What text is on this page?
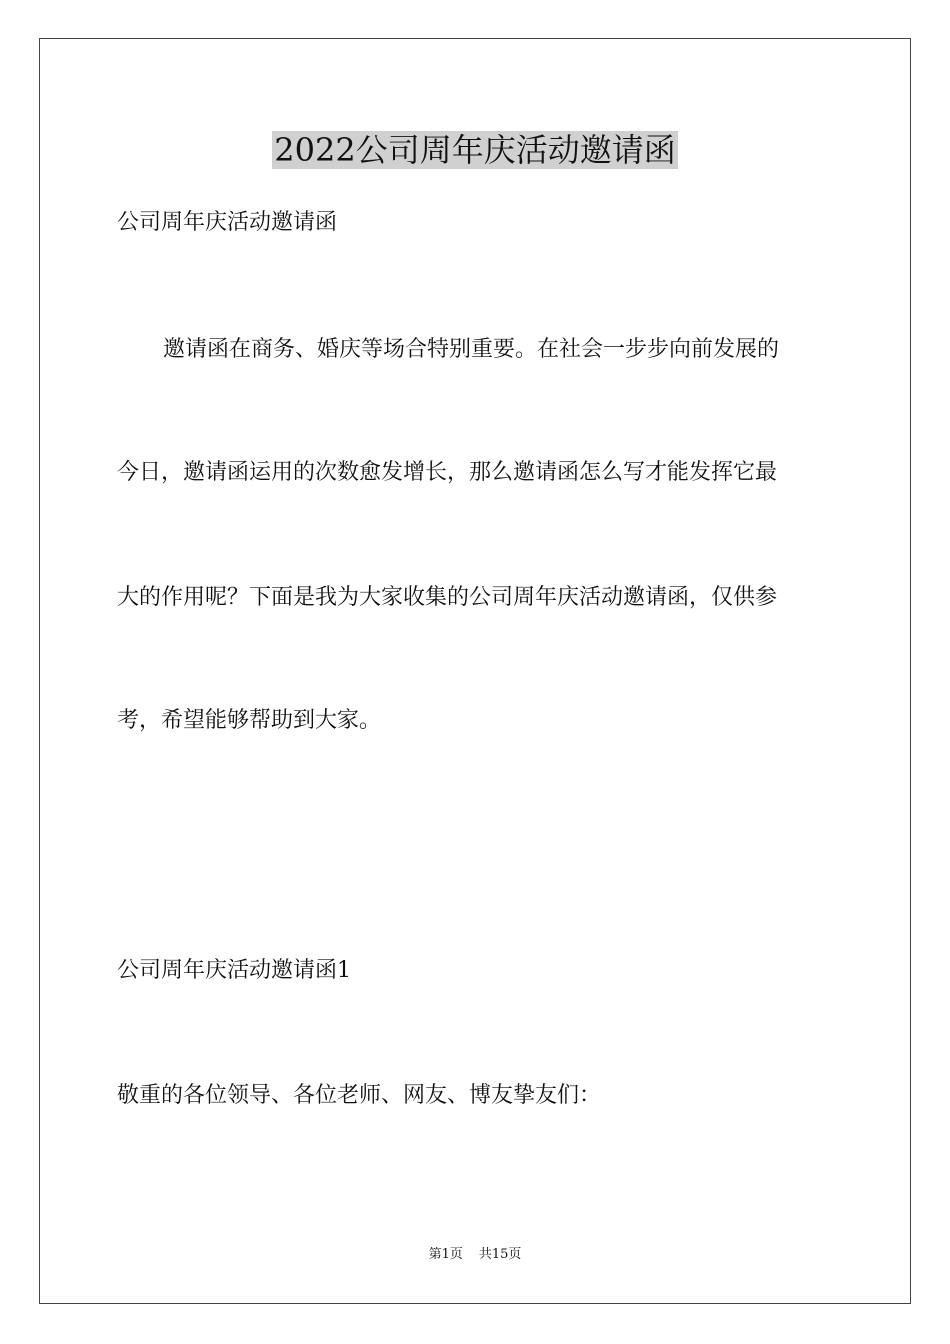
2022公司周年庆活动邀请函
公司周年庆活动邀请函
邀请函在商务、婚庆等场合特别重要。在社会一步步向前发展的
今日，邀请函运用的次数愈发增长，那么邀请函怎么写才能发挥它最
大的作用呢？下面是我为大家收集的公司周年庆活动邀请函，仅供参
考，希望能够帮助到大家。
公司周年庆活动邀请函1
敬重的各位领导、各位老师、网友、博友挚友们：
第1页 共15页
